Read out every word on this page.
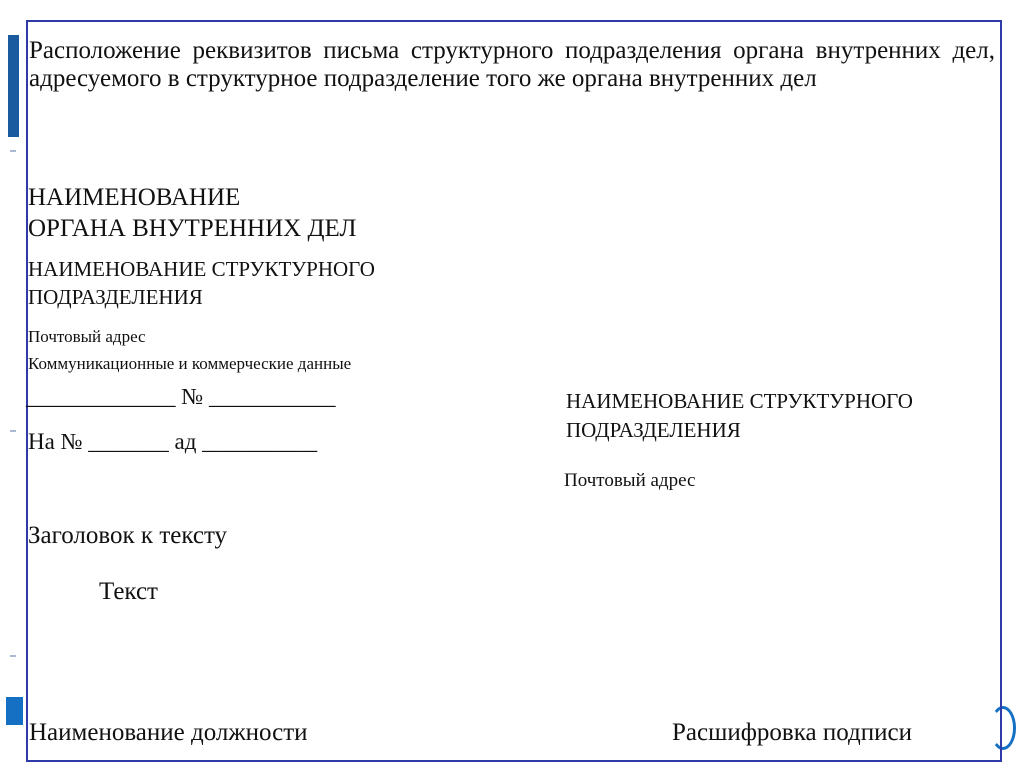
Расположение реквизитов письма структурного подразделения органа внутренних дел, адресуемого в структурное подразделение того же органа внутренних дел

НАИМЕНОВАНИЕ
ОРГАНА ВНУТРЕННИХ ДЕЛ
НАИМЕНОВАНИЕ СТРУКТУРНОГО
ПОДРАЗДЕЛЕНИЯ
Почтовый адрес
Коммуникационные и коммерческие данные
_____________ № ___________
На № _______ ад __________
НАИМЕНОВАНИЕ СТРУКТУРНОГО
ПОДРАЗДЕЛЕНИЯ
Почтовый адрес
Заголовок к тексту
Текст
Наименование должности	Расшифровка подписи
